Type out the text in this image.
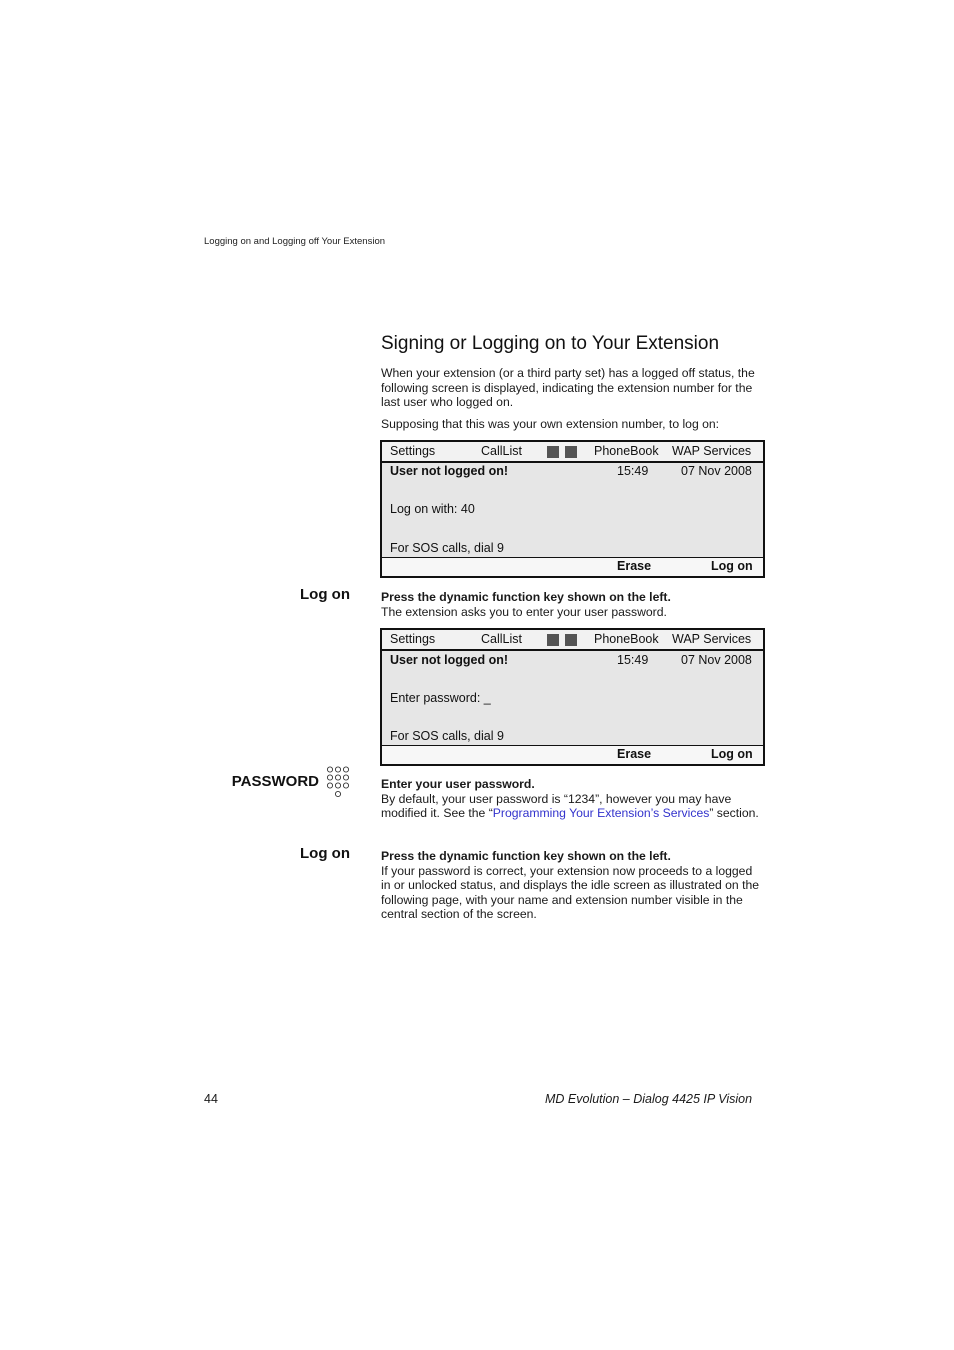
Logging on and Logging off Your Extension
Signing or Logging on to Your Extension

When your extension (or a third party set) has a logged off status, the following screen is displayed, indicating the extension number for the last user who logged on.

Supposing that this was your own extension number, to log on:

Settings	CallList	PhoneBook WAP Services
User not logged on!	15:49	07 Nov 2008
Log on with: 40
For SOS calls, dial 9
Erase	Log on
Log on	Press the dynamic function key shown on the left.

The extension asks you to enter your user password.

Settings	CallList	PhoneBook WAP Services
User not logged on!	15:49	07 Nov 2008
Enter password: _
For SOS calls, dial 9
Erase	Log on
PASSWORD	Enter your user password.

By default, your user password is “1234”, however you may have modified it. See the “Programming Your Extension’s Services” section.

Log on	Press the dynamic function key shown on the left.

If your password is correct, your extension now proceeds to a logged in or unlocked status, and displays the idle screen as illustrated on the following page, with your name and extension number visible in the central section of the screen.

44	MD Evolution – Dialog 4425 IP Vision
